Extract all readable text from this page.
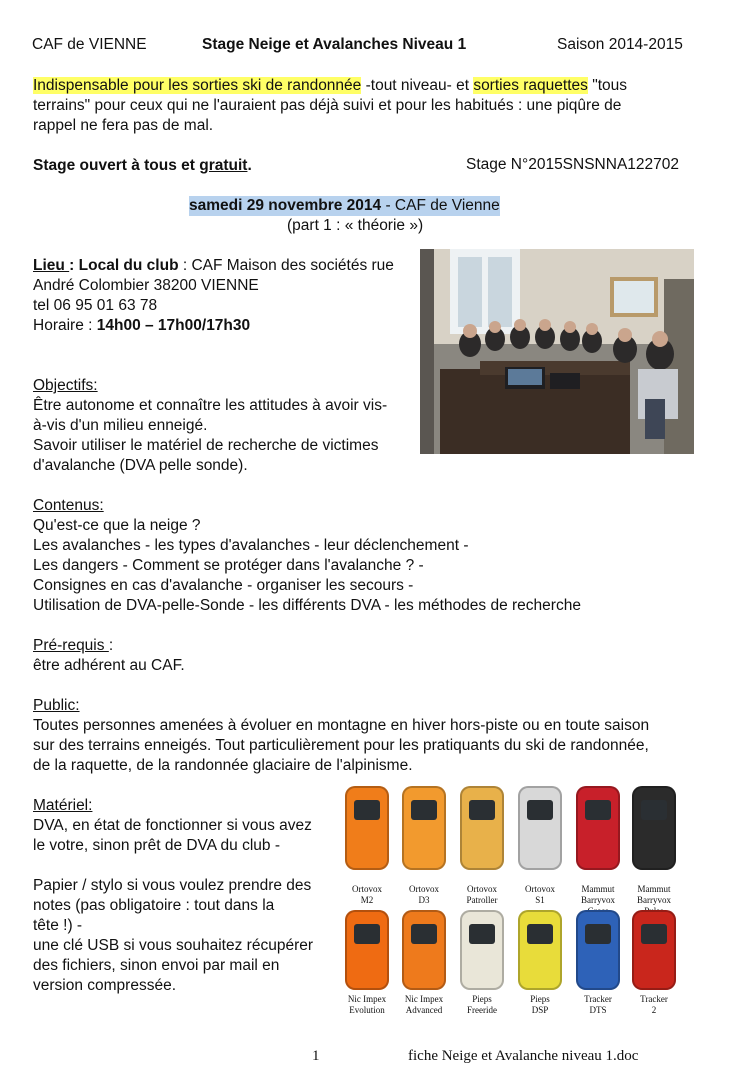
CAF de VIENNE	Stage Neige et Avalanches Niveau 1	Saison 2014-2015
Indispensable pour les sorties ski de randonnée -tout niveau- et sorties raquettes "tous
terrains" pour ceux qui ne l'auraient pas déjà suivi et pour les habitués : une piqûre de
rappel ne fera pas de mal.
Stage ouvert à tous et gratuit.	Stage N°2015SNSNNA122702
samedi 29 novembre 2014 - CAF de Vienne
(part 1 : « théorie »)
Lieu : Local du club : CAF Maison des sociétés rue
André Colombier 38200 VIENNE
tel 06 95 01 63 78
Horaire : 14h00 – 17h00/17h30
Objectifs:
Être autonome et connaître les attitudes à avoir vis-
à-vis d'un milieu enneigé.
Savoir utiliser le matériel de recherche de victimes
d'avalanche (DVA pelle sonde).
Contenus:
Qu'est-ce que la neige ?
Les avalanches - les types d'avalanches - leur déclenchement -
Les dangers - Comment se protéger dans l'avalanche ? -
Consignes en cas d'avalanche - organiser les secours -
Utilisation de DVA-pelle-Sonde - les différents DVA - les méthodes de recherche
Pré-requis :
être adhérent au CAF.
Public:
Toutes personnes amenées à évoluer en montagne en hiver hors-piste ou en toute saison
sur des terrains enneigés. Tout particulièrement pour les pratiquants du ski de randonnée,
de la raquette, de la randonnée glaciaire de l'alpinisme.
Matériel:
DVA, en état de fonctionner si vous avez
le votre, sinon prêt de DVA du club -
Papier / stylo si vous voulez prendre des
notes (pas obligatoire : tout dans la
tête !) -
une clé USB si vous souhaitez récupérer
des fichiers, sinon envoi par mail en
version compressée.
Ortovox
M2
Ortovox
D3
Ortovox
Patroller
Ortovox
S1
Mammut
Barryvox
Mammut
Barryvox
Nic Impex
Evolution
Nic Impex
Advanced
Pieps
Freeride
Pieps
DSP
Tracker
DTS
Tracker
2
1	fiche Neige et Avalanche niveau 1.doc
